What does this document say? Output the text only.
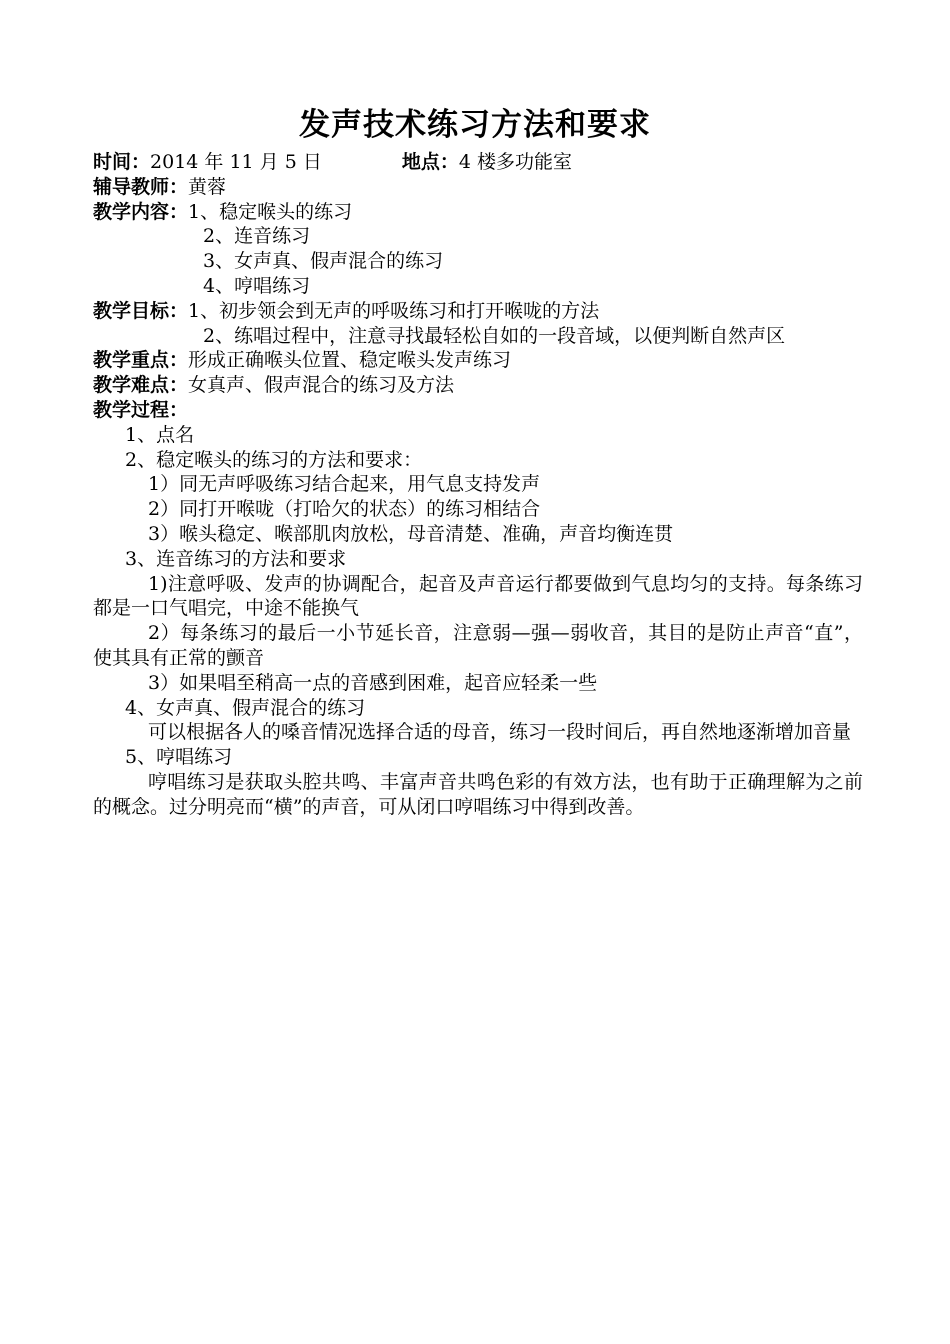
发声技术练习方法和要求
时间：2014 年 11 月 5 日	地点：4 楼多功能室
辅导教师：黄蓉
教学内容：1、稳定喉头的练习
2、连音练习
3、女声真、假声混合的练习
4、哼唱练习
教学目标：1、初步领会到无声的呼吸练习和打开喉咙的方法
2、练唱过程中，注意寻找最轻松自如的一段音域，以便判断自然声区
教学重点：形成正确喉头位置、稳定喉头发声练习
教学难点：女真声、假声混合的练习及方法
教学过程：
1、点名
2、稳定喉头的练习的方法和要求：
1）同无声呼吸练习结合起来，用气息支持发声
2）同打开喉咙（打哈欠的状态）的练习相结合
3）喉头稳定、喉部肌肉放松，母音清楚、准确，声音均衡连贯
3、连音练习的方法和要求
1)注意呼吸、发声的协调配合，起音及声音运行都要做到气息均匀的支持。每条练习都是一口气唱完，中途不能换气
2）每条练习的最后一小节延长音，注意弱—强—弱收音，其目的是防止声音“直”，使其具有正常的颤音
3）如果唱至稍高一点的音感到困难，起音应轻柔一些
4、女声真、假声混合的练习
可以根据各人的嗓音情况选择合适的母音，练习一段时间后，再自然地逐渐增加音量
5、哼唱练习
哼唱练习是获取头腔共鸣、丰富声音共鸣色彩的有效方法，也有助于正确理解为之前的概念。过分明亮而“横”的声音，可从闭口哼唱练习中得到改善。
